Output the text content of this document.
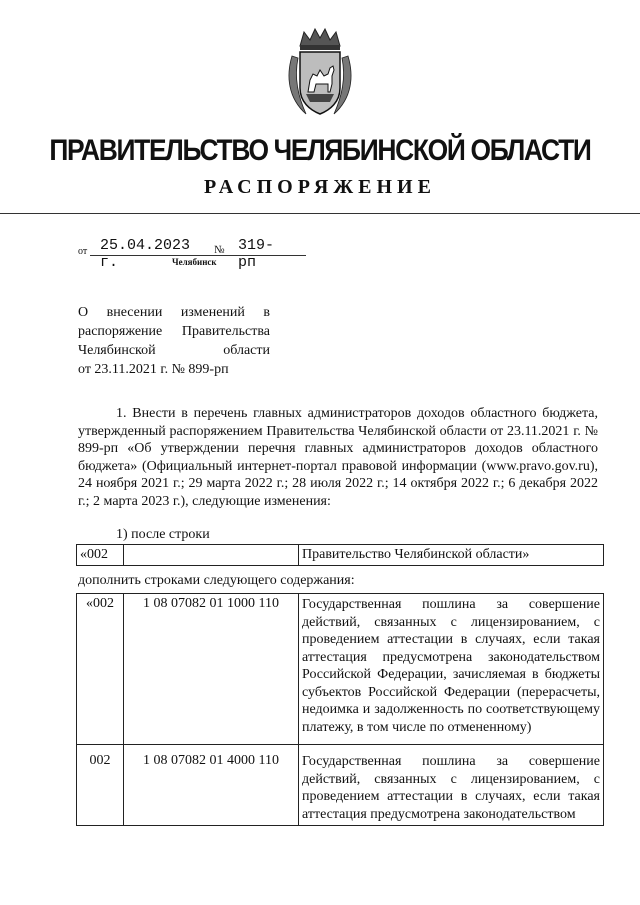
ПРАВИТЕЛЬСТВО ЧЕЛЯБИНСКОЙ ОБЛАСТИ
РАСПОРЯЖЕНИЕ
от 25.04.2023 г.
№ 319-рп
Челябинск
О внесении изменений в
распоряжение Правительства
Челябинской области
от 23.11.2021 г. № 899-рп
1. Внести в перечень главных администраторов доходов областного бюджета, утвержденный распоряжением Правительства Челябинской области от 23.11.2021 г. № 899-рп «Об утверждении перечня главных администраторов доходов областного бюджета» (Официальный интернет-портал правовой информации (www.pravo.gov.ru), 24 ноября 2021 г.; 29 марта 2022 г.; 28 июля 2022 г.; 14 октября 2022 г.; 6 декабря 2022 г.; 2 марта 2023 г.), следующие изменения:
1) после строки
«002		Правительство Челябинской области»
дополнить строками следующего содержания:
«002	1 08 07082 01 1000 110	Государственная пошлина за совершение действий, связанных с лицензированием, с проведением аттестации в случаях, если такая аттестация предусмотрена законодательством Российской Федерации, зачисляемая в бюджеты субъектов Российской Федерации (перерасчеты, недоимка и задолженность по соответствующему платежу, в том числе по отмененному)
002	1 08 07082 01 4000 110	Государственная пошлина за совершение действий, связанных с лицензированием, с проведением аттестации в случаях, если такая аттестация предусмотрена законодательством
